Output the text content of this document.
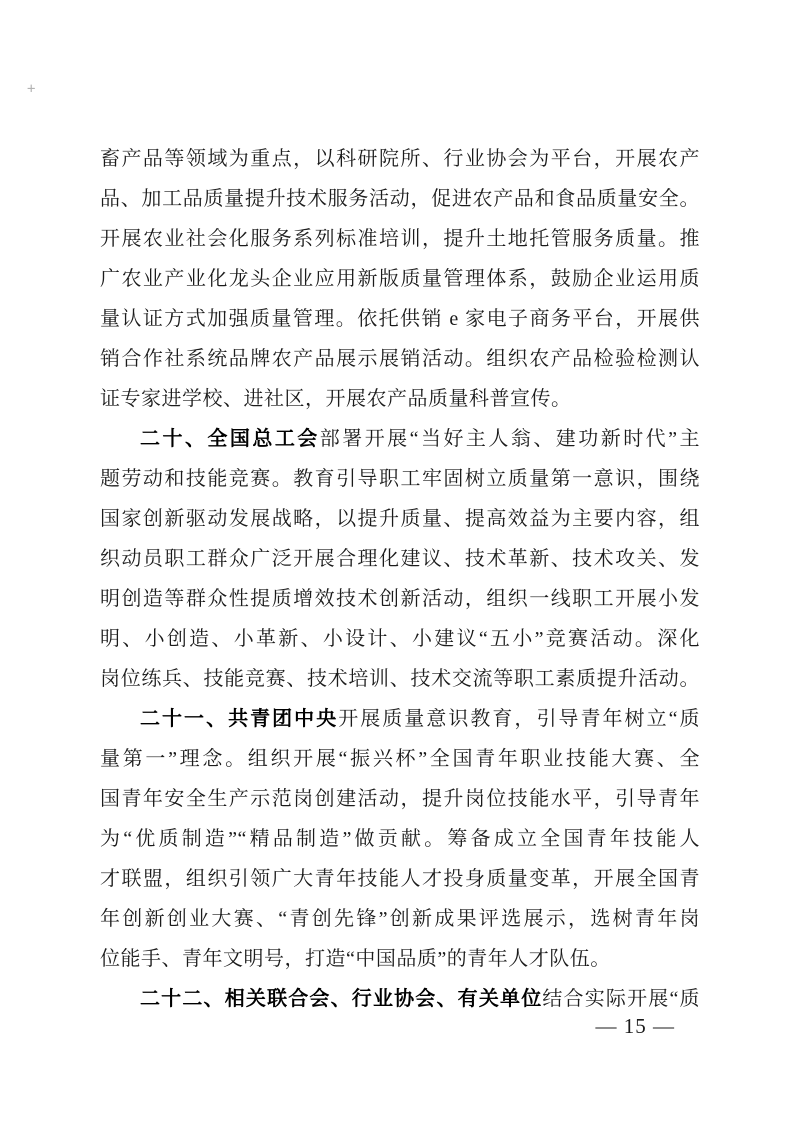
+
畜产品等领域为重点，以科研院所、行业协会为平台，开展农产
品、加工品质量提升技术服务活动，促进农产品和食品质量安全。
开展农业社会化服务系列标准培训，提升土地托管服务质量。推
广农业产业化龙头企业应用新版质量管理体系，鼓励企业运用质
量认证方式加强质量管理。依托供销 e 家电子商务平台，开展供
销合作社系统品牌农产品展示展销活动。组织农产品检验检测认
证专家进学校、进社区，开展农产品质量科普宣传。
二十、全国总工会部署开展“当好主人翁、建功新时代”主
题劳动和技能竞赛。教育引导职工牢固树立质量第一意识，围绕
国家创新驱动发展战略，以提升质量、提高效益为主要内容，组
织动员职工群众广泛开展合理化建议、技术革新、技术攻关、发
明创造等群众性提质增效技术创新活动，组织一线职工开展小发
明、小创造、小革新、小设计、小建议“五小”竞赛活动。深化
岗位练兵、技能竞赛、技术培训、技术交流等职工素质提升活动。
二十一、共青团中央开展质量意识教育，引导青年树立“质
量第一”理念。组织开展“振兴杯”全国青年职业技能大赛、全
国青年安全生产示范岗创建活动，提升岗位技能水平，引导青年
为“优质制造”“精品制造”做贡献。筹备成立全国青年技能人
才联盟，组织引领广大青年技能人才投身质量变革，开展全国青
年创新创业大赛、“青创先锋”创新成果评选展示，选树青年岗
位能手、青年文明号，打造“中国品质”的青年人才队伍。
二十二、相关联合会、行业协会、有关单位结合实际开展“质
— 15 —
